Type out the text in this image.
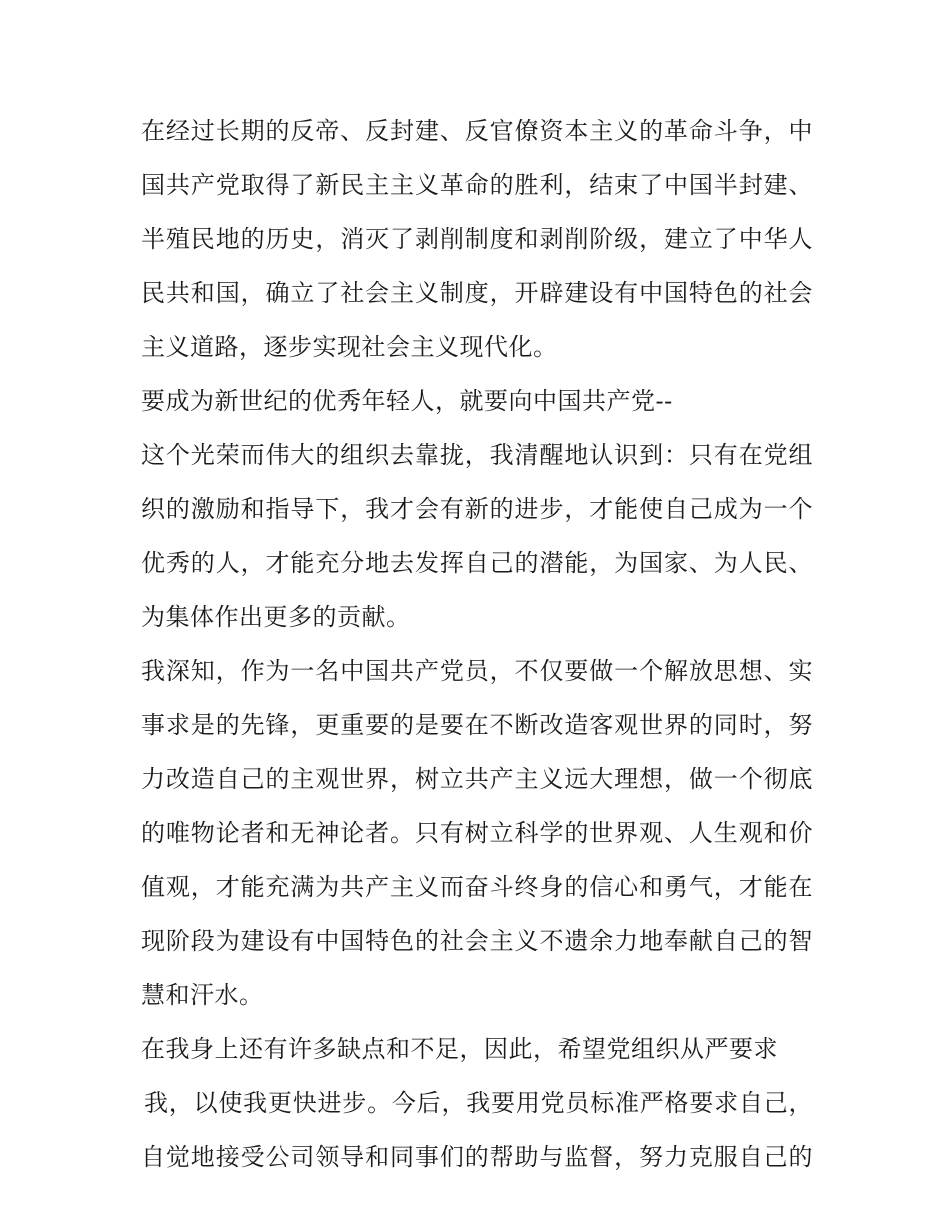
在经过长期的反帝、反封建、反官僚资本主义的革命斗争，中
国共产党取得了新民主主义革命的胜利，结束了中国半封建、
半殖民地的历史，消灭了剥削制度和剥削阶级，建立了中华人
民共和国，确立了社会主义制度，开辟建设有中国特色的社会
主义道路，逐步实现社会主义现代化。
要成为新世纪的优秀年轻人，就要向中国共产党--
这个光荣而伟大的组织去靠拢，我清醒地认识到：只有在党组
织的激励和指导下，我才会有新的进步，才能使自己成为一个
优秀的人，才能充分地去发挥自己的潜能，为国家、为人民、
为集体作出更多的贡献。
我深知，作为一名中国共产党员，不仅要做一个解放思想、实
事求是的先锋，更重要的是要在不断改造客观世界的同时，努
力改造自己的主观世界，树立共产主义远大理想，做一个彻底
的唯物论者和无神论者。只有树立科学的世界观、人生观和价
值观，才能充满为共产主义而奋斗终身的信心和勇气，才能在
现阶段为建设有中国特色的社会主义不遗余力地奉献自己的智
慧和汗水。
在我身上还有许多缺点和不足，因此，希望党组织从严要求
我，以使我更快进步。今后，我要用党员标准严格要求自己，
自觉地接受公司领导和同事们的帮助与监督，努力克服自己的
